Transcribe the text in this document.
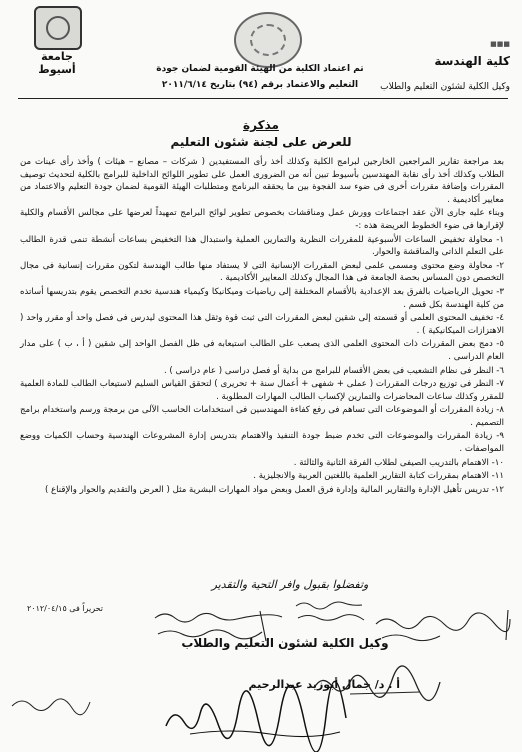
جامعة أسيوط	تم اعتماد الكلية من الهيئة القومية لضمان جودة
التعليم والاعتماد برقم (٩٤) بتاريخ ٢٠١١/٦/١٤
■■■
كلية الهندسة
وكيل الكلية لشئون التعليم والطلاب
مذكرة
للعرض على لجنة شئون التعليم

بعد مراجعة تقارير المراجعين الخارجين لبرامج الكلية وكذلك أخذ رأى المستفيدين ( شركات – مصانع – هيئات ) وأخذ رأى عينات من الطلاب وكذلك أخذ رأى نقابة المهندسين بأسيوط تبين أنه من الضرورى العمل على تطوير اللوائح الداخلية للبرامج بالكلية لتحديث توصيف المقررات وإضافة مقررات أخرى فى ضوء سد الفجوة بين ما يحققه البرنامج ومتطلبات الهيئة القومية لضمان جودة التعليم والاعتماد من معايير أكاديمية .

وبناء عليه جارى الآن عقد اجتماعات وورش عمل ومناقشات بخصوص تطوير لوائح البرامج تمهيداً لعرضها على مجالس الأقسام والكلية لإقرارها فى ضوء الخطوط العريضة هذه :-

١- محاولة تخفيض الساعات الأسبوعية للمقررات النظرية والتمارين العملية واستبدال هذا التخفيض بساعات أنشطة تنمى قدرة الطالب على التعلم الذاتى والمناقشة والحوار.

٢- محاولة وضع محتوى ومسمى علمى لبعض المقررات الإنسانية التى لا يستفاد منها طالب الهندسة لتكون مقررات إنسانية فى مجال التخصص دون المساس بحصة الجامعة فى هذا المجال وكذلك المعايير الأكاديمية .

٣- تحويل الرياضيات بالفرق بعد الإعدادية بالأقسام المختلفة إلى رياضيات وميكانيكا وكيمياء هندسية تخدم التخصص يقوم بتدريسها أساتذه من كلية الهندسة بكل قسم .

٤- تخفيف المحتوى العلمى أو قسمته إلى شقين لبعض المقررات التى ثبت قوة وثقل هذا المحتوى ليدرس فى فصل واحد أو مقرر واحد ( الاهتزازات الميكانيكية ) .

٥- دمج بعض المقررات ذات المحتوى العلمى الذى يصعب على الطالب استيعابه فى ظل الفصل الواحد إلى شقين ( أ ، ب ) على مدار العام الدراسى .

٦- النظر فى نظام التشعيب فى بعض الأقسام للبرامج من بداية أو فصل دراسى ( عام دراسى ) .

٧- النظر فى توزيع درجات المقررات ( عملى + شفهى + أعمال سنة + تحريرى ) لتحقق القياس السليم لاستيعاب الطالب للمادة العلمية للمقرر وكذلك ساعات المحاضرات والتمارين لإكساب الطالب المهارات المطلوبة .

٨- زيادة المقررات أو الموضوعات التى تساهم فى رفع كفاءة المهندسين فى استخدامات الحاسب الآلى من برمجة ورسم واستخدام برامج التصميم .

٩- زيادة المقررات والموضوعات التى تخدم ضبط جودة التنفيذ والاهتمام بتدريس إدارة المشروعات الهندسية وحساب الكميات ووضع المواصفات .

١٠- الاهتمام بالتدريب الصيفى لطلاب الفرقة الثانية والثالثة .

١١- الاهتمام بمقررات كتابة التقارير العلمية باللغتين العربية والانجليزية .

١٢- تدريس تأهيل الإدارة والتقارير المالية وإدارة فرق العمل وبعض مواد المهارات البشرية مثل ( العرض والتقديم والحوار والإقناع )

وتفضلوا بقبول وافر التحية والتقدير
تحريراً فى ٢٠١٢/٠٤/١٥
وكيل الكلية لشئون التعليم والطلاب
أ . د/ جمال أبوزيد عبدالرحيم
